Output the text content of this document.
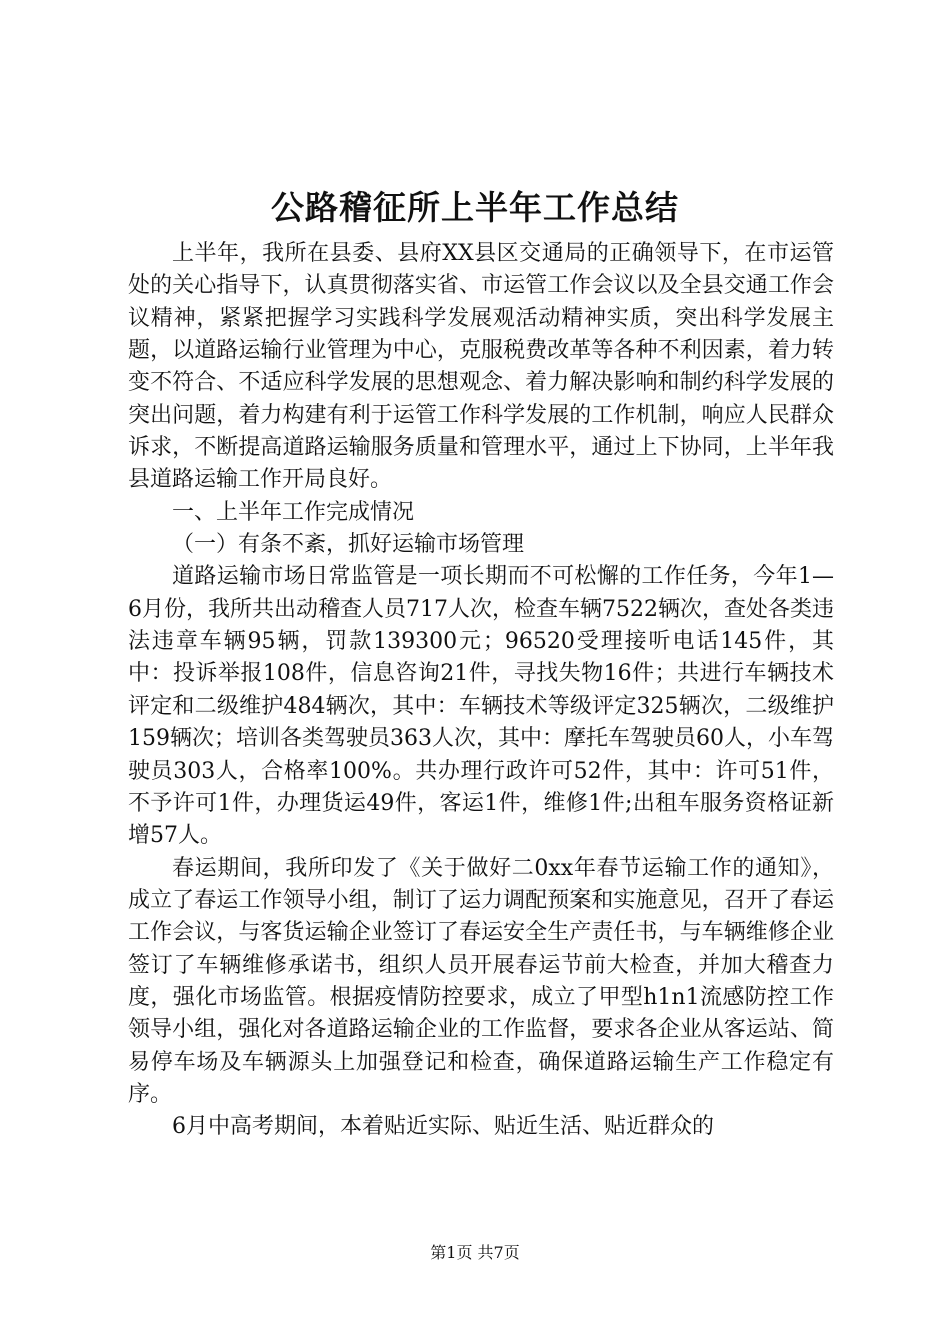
公路稽征所上半年工作总结

上半年，我所在县委、县府XX县区交通局的正确领导下，在市运管处的关心指导下，认真贯彻落实省、市运管工作会议以及全县交通工作会议精神，紧紧把握学习实践科学发展观活动精神实质，突出科学发展主题，以道路运输行业管理为中心，克服税费改革等各种不利因素，着力转变不符合、不适应科学发展的思想观念、着力解决影响和制约科学发展的突出问题，着力构建有利于运管工作科学发展的工作机制，响应人民群众诉求，不断提高道路运输服务质量和管理水平，通过上下协同，上半年我县道路运输工作开局良好。

一、上半年工作完成情况

（一）有条不紊，抓好运输市场管理

道路运输市场日常监管是一项长期而不可松懈的工作任务，今年1—6月份，我所共出动稽查人员717人次，检查车辆7522辆次，查处各类违法违章车辆95辆，罚款139300元；96520受理接听电话145件，其中：投诉举报108件，信息咨询21件，寻找失物16件；共进行车辆技术评定和二级维护484辆次，其中：车辆技术等级评定325辆次，二级维护159辆次；培训各类驾驶员363人次，其中：摩托车驾驶员60人，小车驾驶员303人，合格率100%。共办理行政许可52件，其中：许可51件，不予许可1件，办理货运49件，客运1件，维修1件;出租车服务资格证新增57人。

春运期间，我所印发了《关于做好二0xx年春节运输工作的通知》，成立了春运工作领导小组，制订了运力调配预案和实施意见，召开了春运工作会议，与客货运输企业签订了春运安全生产责任书，与车辆维修企业签订了车辆维修承诺书，组织人员开展春运节前大检查，并加大稽查力度，强化市场监管。根据疫情防控要求，成立了甲型h1n1流感防控工作领导小组，强化对各道路运输企业的工作监督，要求各企业从客运站、简易停车场及车辆源头上加强登记和检查，确保道路运输生产工作稳定有序。

6月中高考期间，本着贴近实际、贴近生活、贴近群众的

第1页 共7页
